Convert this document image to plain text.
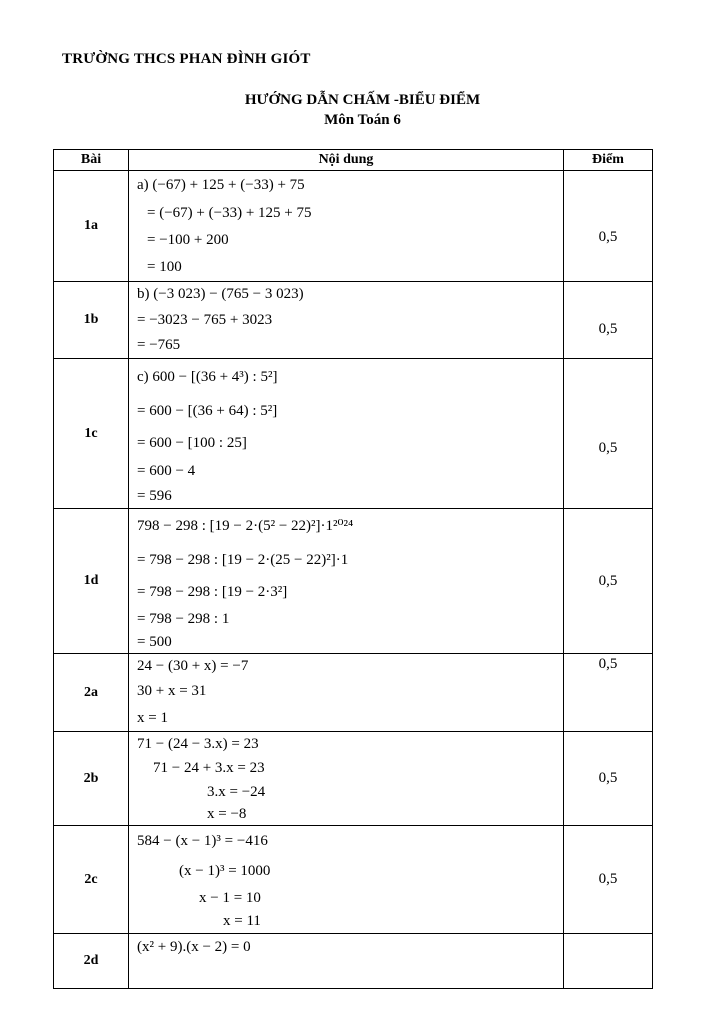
TRƯỜNG THCS PHAN ĐÌNH GIÓT
HƯỚNG DẪN CHẤM -BIỂU ĐIỂM
Môn Toán 6
Bài	Nội dung	Điểm
1a	a) (−67) + 125 + (−33) + 75
= (−67) + (−33) + 125 + 75
= −100 + 200
= 100	0,5
1b	b) (−3 023) − (765 − 3 023)
= −3023 − 765 + 3023
= −765	0,5
1c	c) 600 − [(36 + 4³) : 5²]
= 600 − [(36 + 64) : 5²]
= 600 − [100 : 25]
= 600 − 4
= 596	0,5
1d	798 − 298 : [19 − 2·(5² − 22)²]·1²⁰²⁴
= 798 − 298 : [19 − 2·(25 − 22)²]·1
= 798 − 298 : [19 − 2·3²]
= 798 − 298 : 1
= 500	0,5
2a	24 − (30 + x) = −7
30 + x = 31
x = 1	0,5
2b	71 − (24 − 3.x) = 23
71 − 24 + 3.x = 23
3.x = −24
x = −8	0,5
2c	584 − (x − 1)³ = −416
(x − 1)³ = 1000
x − 1 = 10
x = 11	0,5
2d	(x² + 9).(x − 2) = 0	
